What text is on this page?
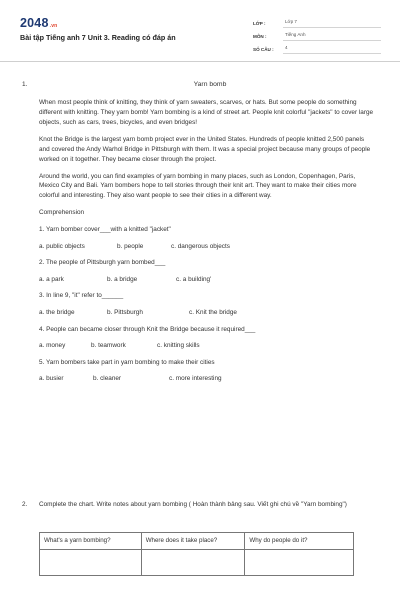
2048.vn
Bài tập Tiếng anh 7 Unit 3. Reading có đáp án
LỚP :	Lớp 7
MÔN :	Tiếng Anh
SỐ CÂU :	4
1.	Yarn bomb

When most people think of knitting, they think of yarn sweaters, scarves, or hats. But some people do something different with knitting. They yarn bomb! Yarn bombing is a kind of street art. People knit colorful "jackets" to cover large objects, such as cars, trees, bicycles, and even bridges!

Knot the Bridge is the largest yarn bomb project ever in the United States. Hundreds of people knitted 2,500 panels and covered the Andy Warhol Bridge in Pittsburgh with them. It was a special project because many groups of people worked on it together. They became closer through the project.

Around the world, you can find examples of yarn bombing in many places, such as London, Copenhagen, Paris, Mexico City and Bali. Yarn bombers hope to tell stories through their knit art. They want to make their cities more colorful and interesting. They also want people to see their cities in a different way.

Comprehension
1. Yarn bomber cover___with a knitted "jacket"
a. public objects	b. people	c. dangerous objects
2. The people of Pittsburgh yarn bombed___
a. a park	b. a bridge	c. a building'
3. In line 9, "it" refer to______
a. the bridge	b. Pittsburgh	c. Knit the bridge
4. People can became closer through Knit the Bridge because it required___
a. money	b. teamwork	c. knitting skills
5. Yarn bombers take part in yarn bombing to make their cities
a. busier	b. cleaner	c. more interesting
2. Complete the chart. Write notes about yarn bombing ( Hoàn thành bảng sau. Viết ghi chú về "Yarn bombing")
What's a yarn bombing?	Where does it take place?	Why do people do it?
